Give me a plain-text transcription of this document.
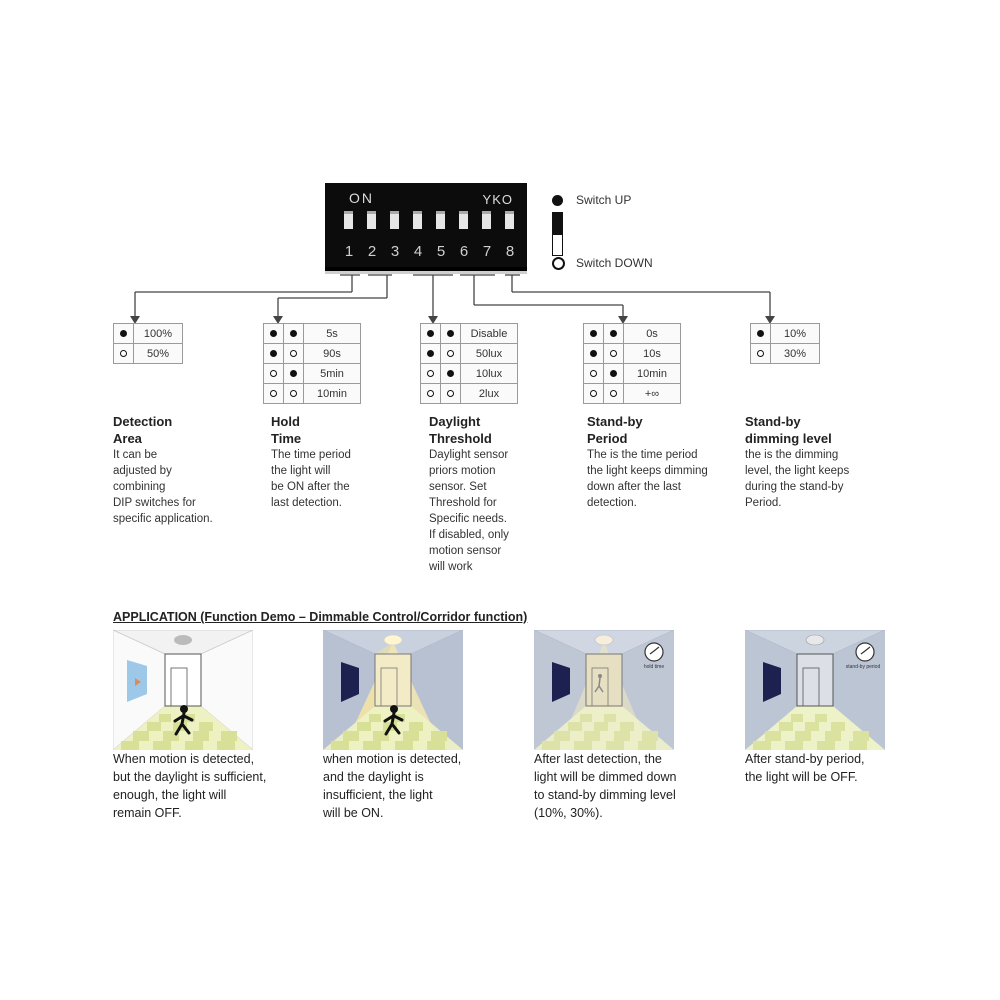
ON	YKO
1 2 3 4 5 6 7 8
Switch UP
Switch DOWN
	100%
	50%
		5s
		90s
		5min
		10min
		Disable
		50lux
		10lux
		2lux
		0s
		10s
		10min
		+∞
	10%
	30%
Detection
Area
It can be
adjusted by
combining
DIP switches for
specific application.
Hold
Time
The time period
the light will
be ON after the
last detection.
Daylight
Threshold
Daylight sensor
priors motion
sensor. Set
Threshold for
Specific needs.
If disabled, only
motion sensor
will work
Stand-by
Period
The is the time period
the light keeps dimming
down after the last
detection.
Stand-by
dimming level
the is the dimming
level, the light keeps
during the stand-by
Period.
APPLICATION (Function Demo – Dimmable Control/Corridor function)
hold time	stand-by period
When motion is detected,
but the daylight is sufficient,
enough, the light will
remain OFF.
when motion is detected,
and the daylight is
insufficient, the light
will be ON.
After last detection, the
light will be dimmed down
to stand-by dimming level
(10%, 30%).
After stand-by period,
the light will be OFF.
